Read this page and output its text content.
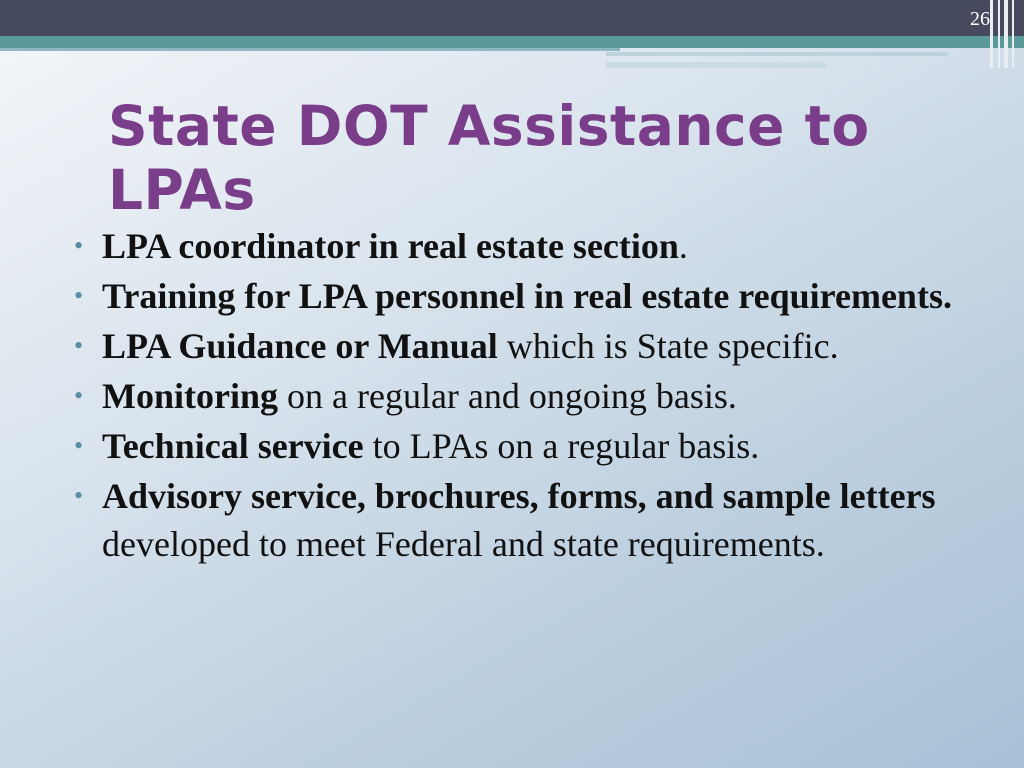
26
State DOT Assistance to LPAs
• LPA coordinator in real estate section.
• Training for LPA personnel in real estate requirements.
• LPA Guidance or Manual which is State specific.
• Monitoring on a regular and ongoing basis.
• Technical service to LPAs on a regular basis.
• Advisory service, brochures, forms, and sample letters developed to meet Federal and state requirements.
